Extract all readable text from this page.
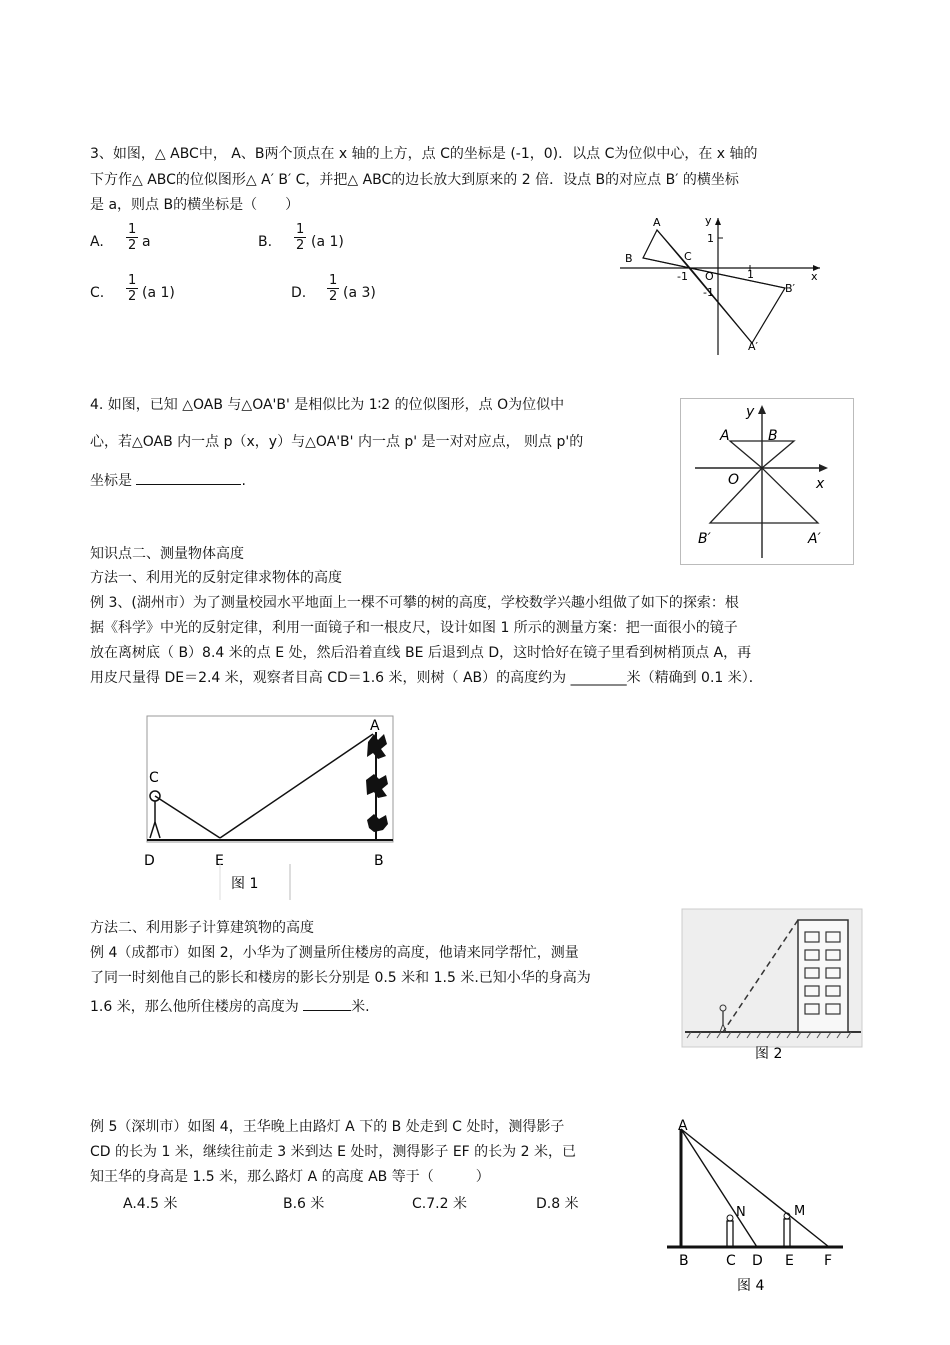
3、如图，△ ABC中， A、B两个顶点在 x 轴的上方，点 C的坐标是 (-1，0)．以点 C为位似中心，在 x 轴的
下方作△ ABC的位似图形△ A′ B′ C，并把△ ABC的边长放大到原来的 2 倍．设点 B的对应点 B′ 的横坐标
是 a，则点 B的横坐标是（　　）
A. $\frac{1}{2}$ a	B. $\frac{1}{2} (a$ 1)
C. $\frac{1}{2} (a$ 1)	D. $\frac{1}{2} (a$ 3)
A
B	C
y
x
1
-1 O	1
-1	B′
A′
4. 如图，已知 △OAB 与△OA'B' 是相似比为 1∶2 的位似图形，点 O为位似中
心，若△OAB 内一点 p（x，y）与△OA'B' 内一点 p' 是一对对应点， 则点 p'的
坐标是	.
y
A	B
O	x
B′	A′
知识点二、测量物体高度
方法一、利用光的反射定律求物体的高度
例 3、(湖州市）为了测量校园水平地面上一棵不可攀的树的高度，学校数学兴趣小组做了如下的探索：根
据《科学》中光的反射定律，利用一面镜子和一根皮尺，设计如图 1 所示的测量方案：把一面很小的镜子
放在离树底（ B）8.4 米的点 E 处，然后沿着直线 BE 后退到点 D，这时恰好在镜子里看到树梢顶点 A，再
用皮尺量得 DE＝2.4 米，观察者目高 CD＝1.6 米，则树（ AB）的高度约为 ________米（精确到 0.1 米）．
A
C
D	E	B
图 1
方法二、利用影子计算建筑物的高度
例 4（成都市）如图 2，小华为了测量所住楼房的高度，他请来同学帮忙，测量
了同一时刻他自己的影长和楼房的影长分别是 0.5 米和 1.5 米.已知小华的身高为
1.6 米，那么他所住楼房的高度为	米.
图 2
例 5（深圳市）如图 4，王华晚上由路灯 A 下的 B 处走到 C 处时，测得影子
CD 的长为 1 米，继续往前走 3 米到达 E 处时，测得影子 EF 的长为 2 米，已
知王华的身高是 1.5 米，那么路灯 A 的高度 AB 等于（　　　）
A.4.5 米	B.6 米	C.7.2 米	D.8 米
A
N	M
B	C D E F
图 4
